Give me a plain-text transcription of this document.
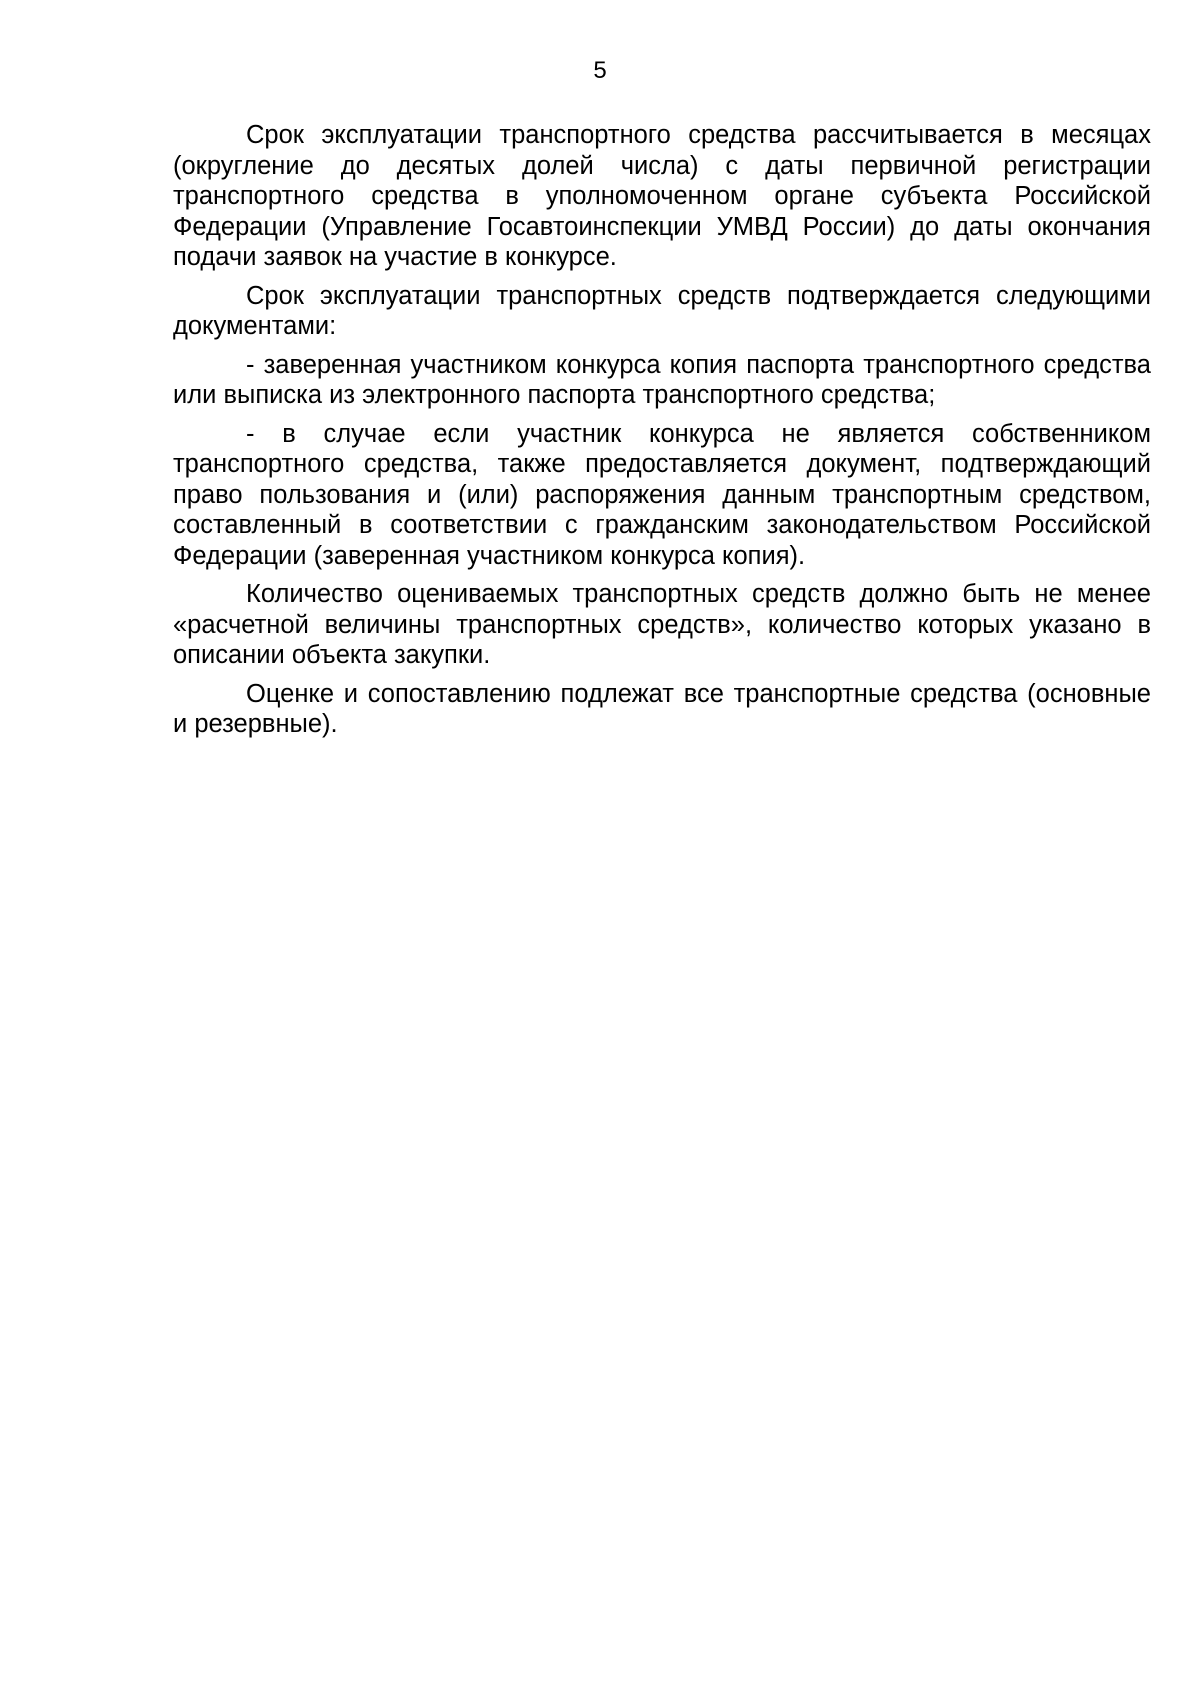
5

Срок эксплуатации транспортного средства рассчитывается в месяцах (округление до десятых долей числа) с даты первичной регистрации транспортного средства в уполномоченном органе субъекта Российской Федерации (Управление Госавтоинспекции УМВД России) до даты окончания подачи заявок на участие в конкурсе.

Срок эксплуатации транспортных средств подтверждается следующими документами:

- заверенная участником конкурса копия паспорта транспортного средства или выписка из электронного паспорта транспортного средства;

- в случае если участник конкурса не является собственником транспортного средства, также предоставляется документ, подтверждающий право пользования и (или) распоряжения данным транспортным средством, составленный в соответствии с гражданским законодательством Российской Федерации (заверенная участником конкурса копия).

Количество оцениваемых транспортных средств должно быть не менее «расчетной величины транспортных средств», количество которых указано в описании объекта закупки.

Оценке и сопоставлению подлежат все транспортные средства (основные и резервные).
